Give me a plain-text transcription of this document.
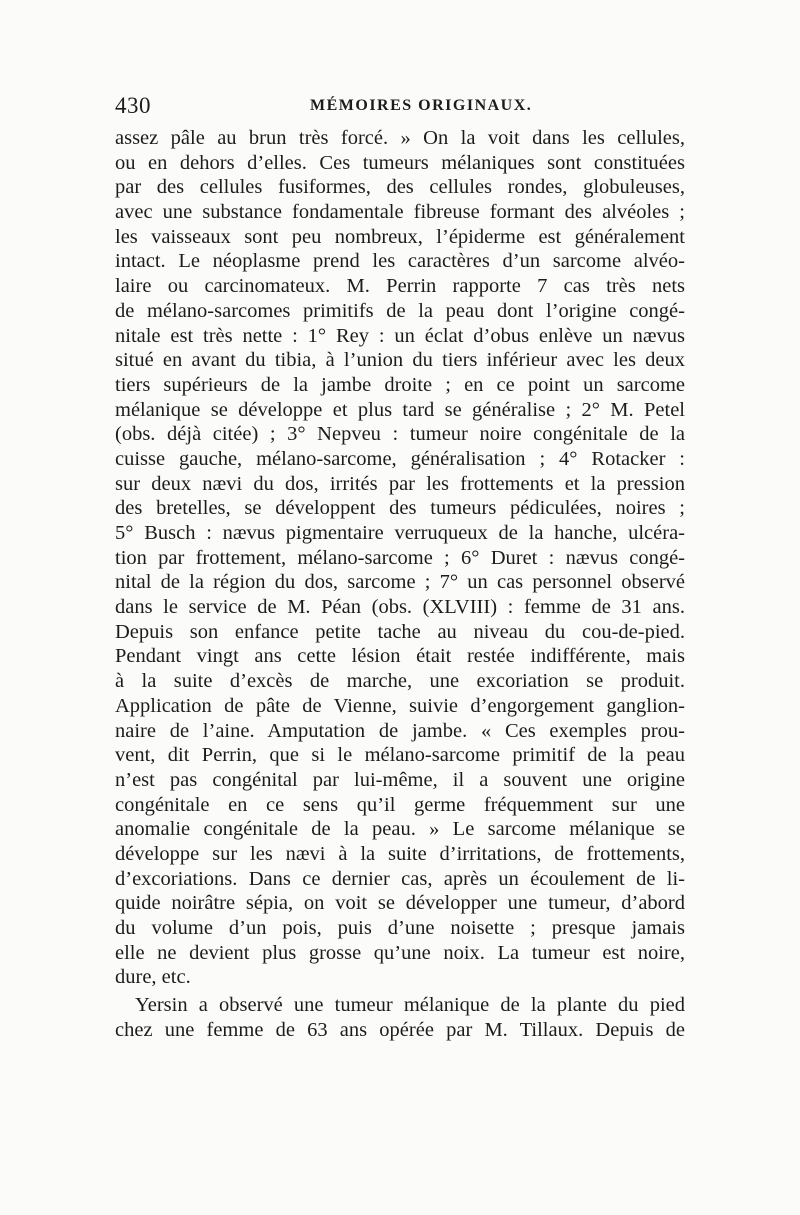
430	MÉMOIRES ORIGINAUX.
assez pâle au brun très forcé. » On la voit dans les cellules,
ou en dehors d’elles. Ces tumeurs mélaniques sont constituées
par des cellules fusiformes, des cellules rondes, globuleuses,
avec une substance fondamentale fibreuse formant des alvéoles ;
les vaisseaux sont peu nombreux, l’épiderme est généralement
intact. Le néoplasme prend les caractères d’un sarcome alvéo-
laire ou carcinomateux. M. Perrin rapporte 7 cas très nets
de mélano-sarcomes primitifs de la peau dont l’origine congé-
nitale est très nette : 1° Rey : un éclat d’obus enlève un nævus
situé en avant du tibia, à l’union du tiers inférieur avec les deux
tiers supérieurs de la jambe droite ; en ce point un sarcome
mélanique se développe et plus tard se généralise ; 2° M. Petel
(obs. déjà citée) ; 3° Nepveu : tumeur noire congénitale de la
cuisse gauche, mélano-sarcome, généralisation ; 4° Rotacker :
sur deux nævi du dos, irrités par les frottements et la pression
des bretelles, se développent des tumeurs pédiculées, noires ;
5° Busch : nævus pigmentaire verruqueux de la hanche, ulcéra-
tion par frottement, mélano-sarcome ; 6° Duret : nævus congé-
nital de la région du dos, sarcome ; 7° un cas personnel observé
dans le service de M. Péan (obs. (XLVIII) : femme de 31 ans.
Depuis son enfance petite tache au niveau du cou-de-pied.
Pendant vingt ans cette lésion était restée indifférente, mais
à la suite d’excès de marche, une excoriation se produit.
Application de pâte de Vienne, suivie d’engorgement ganglion-
naire de l’aine. Amputation de jambe. « Ces exemples prou-
vent, dit Perrin, que si le mélano-sarcome primitif de la peau
n’est pas congénital par lui-même, il a souvent une origine
congénitale en ce sens qu’il germe fréquemment sur une
anomalie congénitale de la peau. » Le sarcome mélanique se
développe sur les nævi à la suite d’irritations, de frottements,
d’excoriations. Dans ce dernier cas, après un écoulement de li-
quide noirâtre sépia, on voit se développer une tumeur, d’abord
du volume d’un pois, puis d’une noisette ; presque jamais
elle ne devient plus grosse qu’une noix. La tumeur est noire,
dure, etc.
Yersin a observé une tumeur mélanique de la plante du pied
chez une femme de 63 ans opérée par M. Tillaux. Depuis de
